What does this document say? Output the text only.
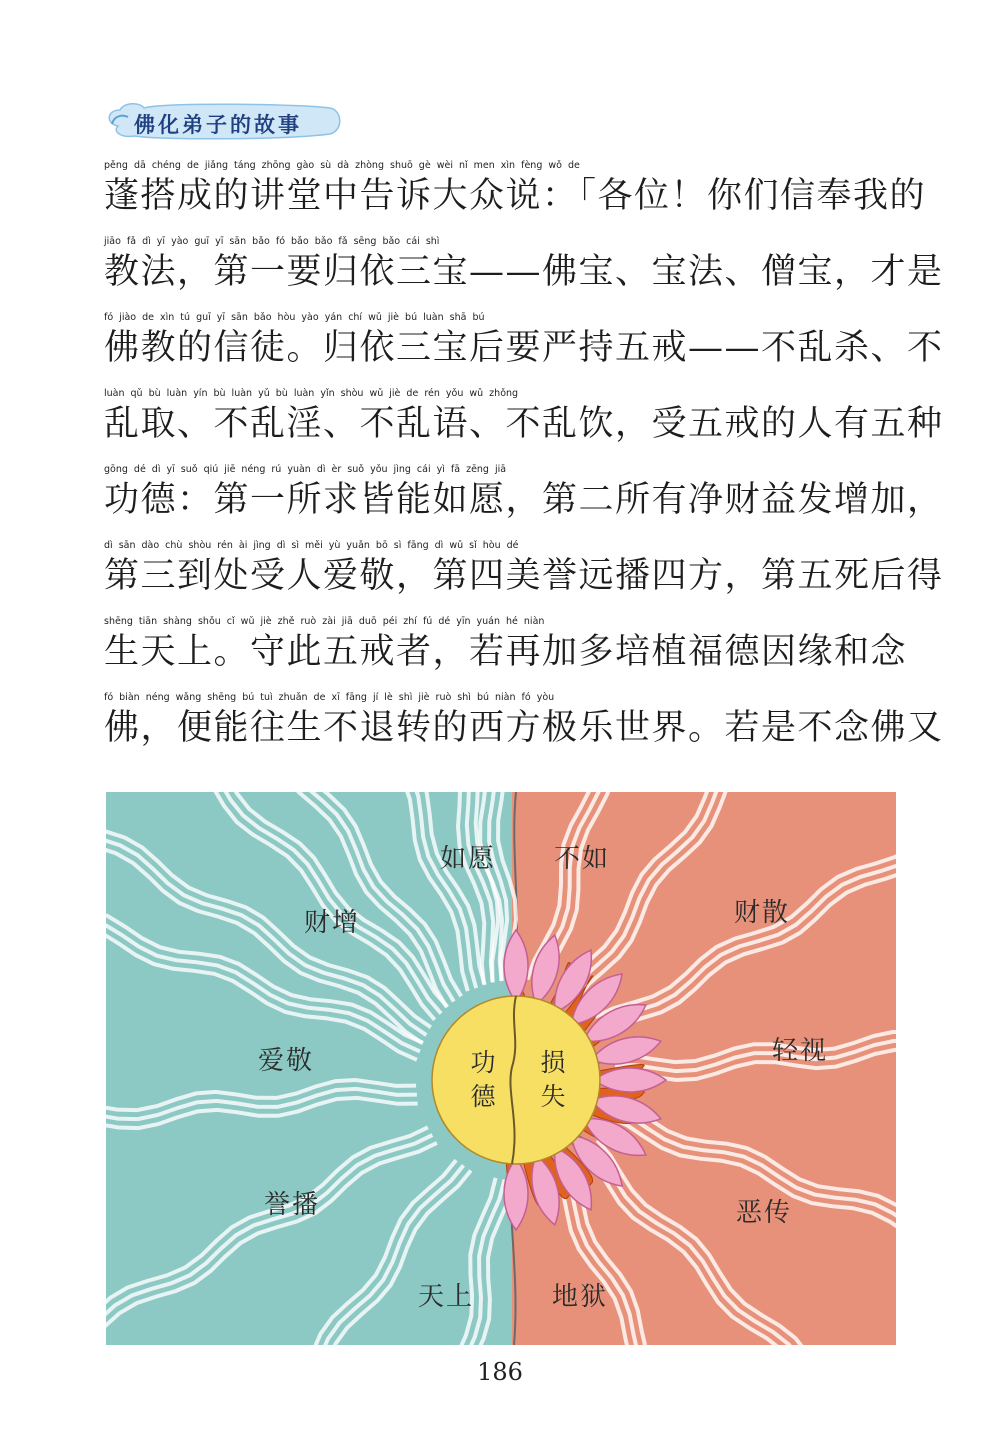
佛化弟子的故事
pěng dā chéng de jiǎng táng zhōng gào sù dà zhòng shuō gè wèi nǐ men xìn fèng wǒ de
蓬搭成的讲堂中告诉大众说：「各位！你们信奉我的
jiāo fǎ dì yī yào guī yī sān bǎo fó bǎo bǎo fǎ sēng bǎo cái shì
教法，第一要归依三宝——佛宝、宝法、僧宝，才是
fó jiào de xìn tú guī yī sān bǎo hòu yào yán chí wǔ jiè bú luàn shā bú
佛教的信徒。归依三宝后要严持五戒——不乱杀、不
luàn qǔ bù luàn yín bù luàn yǔ bù luàn yǐn shòu wǔ jiè de rén yǒu wǔ zhǒng
乱取、不乱淫、不乱语、不乱饮，受五戒的人有五种
gōng dé dì yī suǒ qiú jiē néng rú yuàn dì èr suǒ yǒu jìng cái yì fā zēng jiā
功德：第一所求皆能如愿，第二所有净财益发增加，
dì sān dào chù shòu rén ài jìng dì sì měi yù yuǎn bō sì fāng dì wǔ sǐ hòu dé
第三到处受人爱敬，第四美誉远播四方，第五死后得
shēng tiān shàng shǒu cǐ wǔ jiè zhě ruò zài jiā duō péi zhí fú dé yīn yuán hé niàn
生天上。守此五戒者，若再加多培植福德因缘和念
fó biàn néng wǎng shēng bú tuì zhuǎn de xī fāng jí lè shì jiè ruò shì bú niàn fó yòu
佛，便能往生不退转的西方极乐世界。若是不念佛又
如愿
财增
爱敬
誉播
天上
不如
财散
轻视
恶传
地狱
功德
损失
186
